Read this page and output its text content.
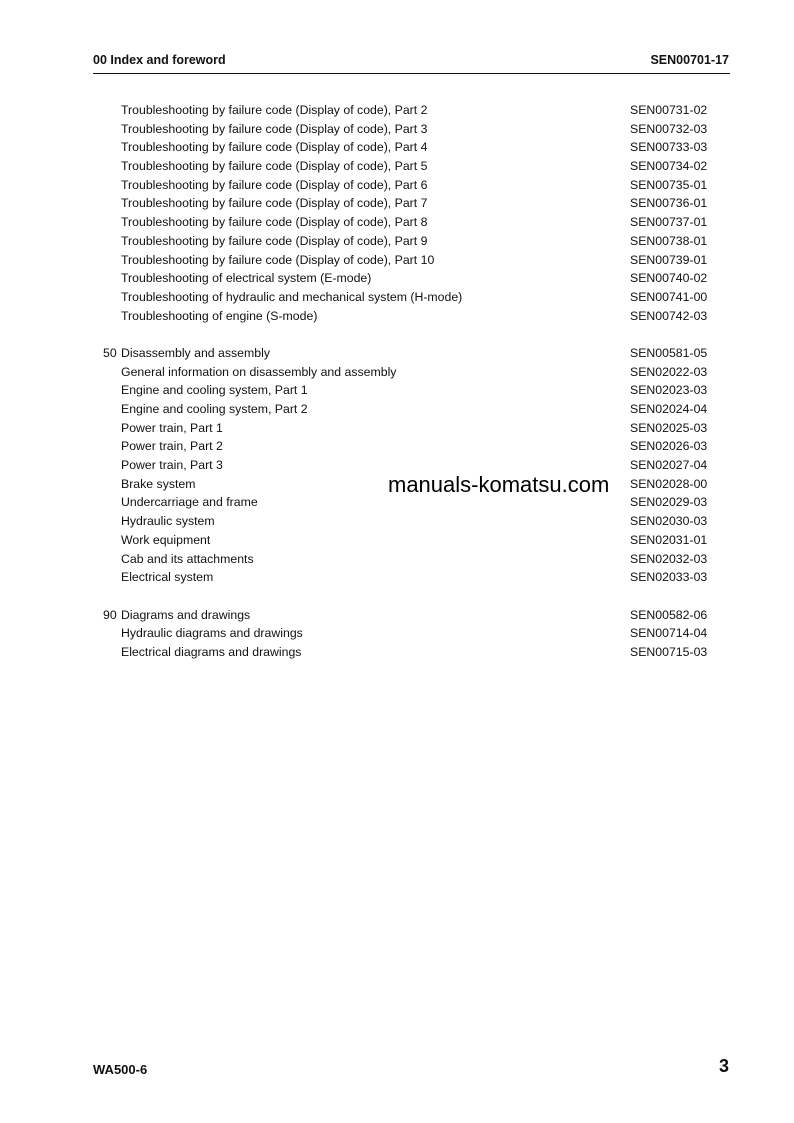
00 Index and foreword	SEN00701-17
Troubleshooting by failure code (Display of code), Part 2	SEN00731-02
Troubleshooting by failure code (Display of code), Part 3	SEN00732-03
Troubleshooting by failure code (Display of code), Part 4	SEN00733-03
Troubleshooting by failure code (Display of code), Part 5	SEN00734-02
Troubleshooting by failure code (Display of code), Part 6	SEN00735-01
Troubleshooting by failure code (Display of code), Part 7	SEN00736-01
Troubleshooting by failure code (Display of code), Part 8	SEN00737-01
Troubleshooting by failure code (Display of code), Part 9	SEN00738-01
Troubleshooting by failure code (Display of code), Part 10	SEN00739-01
Troubleshooting of electrical system (E-mode)	SEN00740-02
Troubleshooting of hydraulic and mechanical system (H-mode)	SEN00741-00
Troubleshooting of engine (S-mode)	SEN00742-03
50 Disassembly and assembly	SEN00581-05
General information on disassembly and assembly	SEN02022-03
Engine and cooling system, Part 1	SEN02023-03
Engine and cooling system, Part 2	SEN02024-04
Power train, Part 1	SEN02025-03
Power train, Part 2	SEN02026-03
Power train, Part 3	SEN02027-04
Brake system	SEN02028-00
Undercarriage and frame	SEN02029-03
Hydraulic system	SEN02030-03
Work equipment	SEN02031-01
Cab and its attachments	SEN02032-03
Electrical system	SEN02033-03
90 Diagrams and drawings	SEN00582-06
Hydraulic diagrams and drawings	SEN00714-04
Electrical diagrams and drawings	SEN00715-03
manuals-komatsu.com
WA500-6	3
